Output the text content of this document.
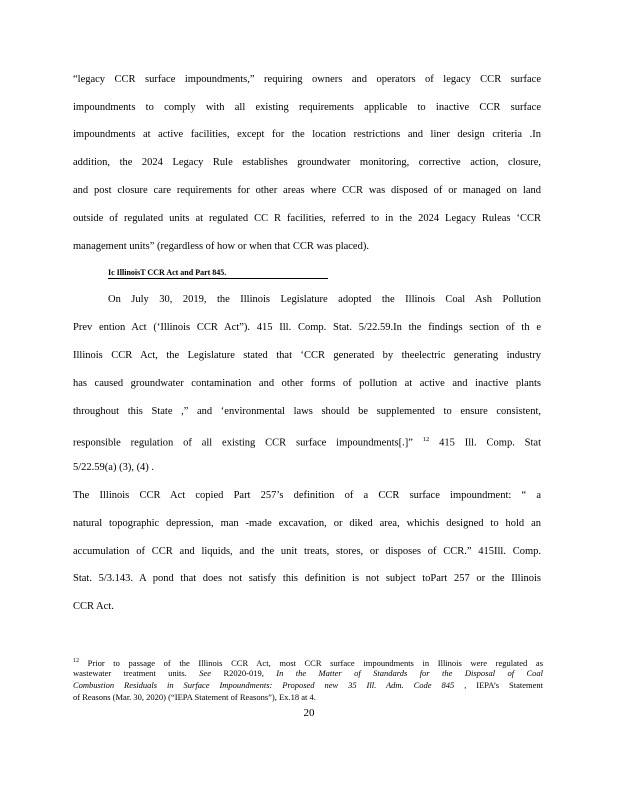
“legacy CCR surface impoundments,” requiring owners and operators of legacy CCR surface
impoundments to comply with all existing requirements applicable to inactive CCR surface
impoundments at active facilities, except for the location restrictions and liner design criteria .In
addition, the 2024 Legacy Rule establishes groundwater monitoring, corrective action, closure,
and post closure care requirements for other areas where CCR was disposed of or managed on land
outside of regulated units at regulated CC R facilities, referred to in the 2024 Legacy Ruleas ‘CCR
management units” (regardless of how or when that CCR was placed).
Ic IllinoisT CCR Act and Part 845.
On July 30, 2019, the Illinois Legislature adopted the Illinois Coal Ash Pollution
Prev ention Act (‘Illinois CCR Act”). 415 Ill. Comp. Stat. 5/22.59.In the findings section of th e
Illinois CCR Act, the Legislature stated that ‘CCR generated by theelectric generating industry
has caused groundwater contamination and other forms of pollution at active and inactive plants
throughout this State ,” and ‘environmental laws should be supplemented to ensure consistent,
responsible regulation of all existing CCR surface impoundments[.]” $^{12}$ 415 Ill. Comp. Stat
5/22.59(a) (3), (4) .
The Illinois CCR Act copied Part 257’s definition of a CCR surface impoundment: “ a
natural topographic depression, man -made excavation, or diked area, whichis designed to hold an
accumulation of CCR and liquids, and the unit treats, stores, or disposes of CCR.” 415Ill. Comp.
Stat. 5/3.143. A pond that does not satisfy this definition is not subject toPart 257 or the Illinois
CCR Act.
$^{12}$ Prior to passage of the Illinois CCR Act, most CCR surface impoundments in Illinois were regulated as
wastewater treatment units. See R2020-019, In the Matter of Standards for the Disposal of Coal
Combustion Residuals in Surface Impoundments: Proposed new 35 Ill. Adm. Code 845 , IEPA’s Statement
of Reasons (Mar. 30, 2020) (“IEPA Statement of Reasons”), Ex.18 at 4.
20
